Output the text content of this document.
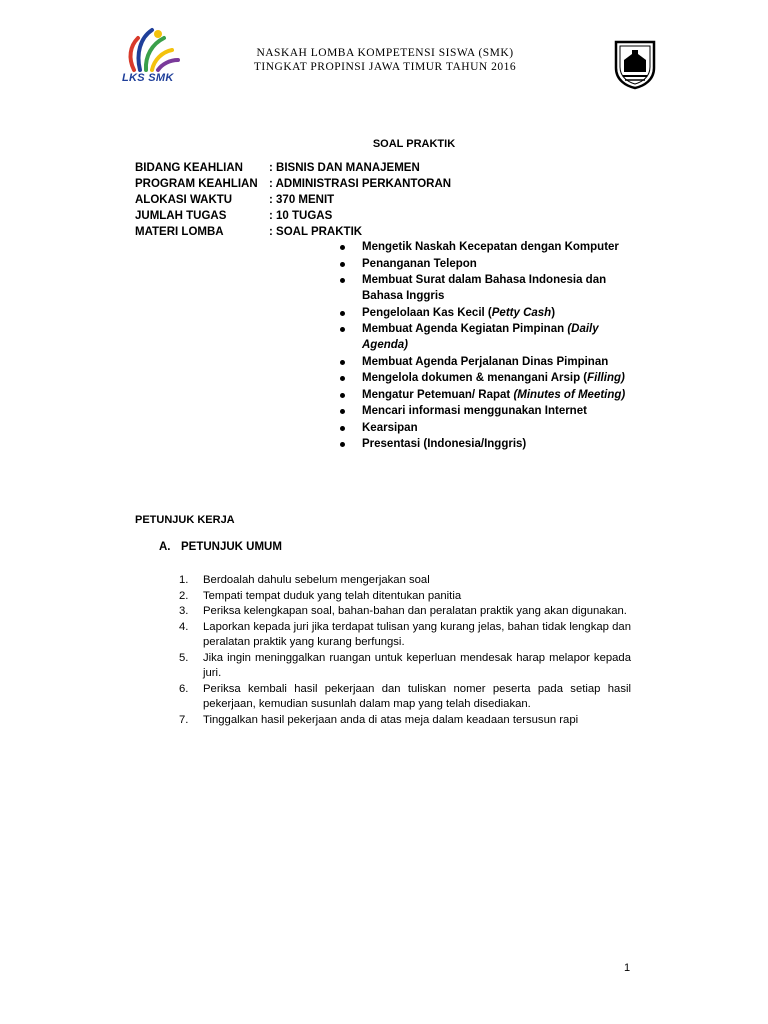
LKS SMK
NASKAH LOMBA KOMPETENSI SISWA (SMK)
TINGKAT PROPINSI JAWA TIMUR TAHUN 2016
SOAL PRAKTIK
BIDANG KEAHLIAN : BISNIS DAN MANAJEMEN
PROGRAM KEAHLIAN : ADMINISTRASI PERKANTORAN
ALOKASI WAKTU	: 370 MENIT
JUMLAH TUGAS	: 10 TUGAS
MATERI LOMBA	: SOAL PRAKTIK
Mengetik Naskah Kecepatan dengan Komputer
Penanganan Telepon
Membuat Surat dalam Bahasa Indonesia dan Bahasa Inggris
Pengelolaan Kas Kecil (Petty Cash)
Membuat Agenda Kegiatan Pimpinan (Daily Agenda)
Membuat Agenda Perjalanan Dinas Pimpinan
Mengelola dokumen & menangani Arsip (Filling)
Mengatur Petemuan/ Rapat (Minutes of Meeting)
Mencari informasi menggunakan Internet
Kearsipan
Presentasi (Indonesia/Inggris)
PETUNJUK KERJA
A. PETUNJUK UMUM
1. Berdoalah dahulu sebelum mengerjakan soal
2. Tempati tempat duduk yang telah ditentukan panitia
3. Periksa kelengkapan soal, bahan-bahan dan peralatan praktik yang akan digunakan.
4. Laporkan kepada juri jika terdapat tulisan yang kurang jelas, bahan tidak lengkap dan peralatan praktik yang kurang berfungsi.
5. Jika ingin meninggalkan ruangan untuk keperluan mendesak harap melapor kepada juri.
6. Periksa kembali hasil pekerjaan dan tuliskan nomer peserta pada setiap hasil pekerjaan, kemudian susunlah dalam map yang telah disediakan.
7. Tinggalkan hasil pekerjaan anda di atas meja dalam keadaan tersusun rapi
1
